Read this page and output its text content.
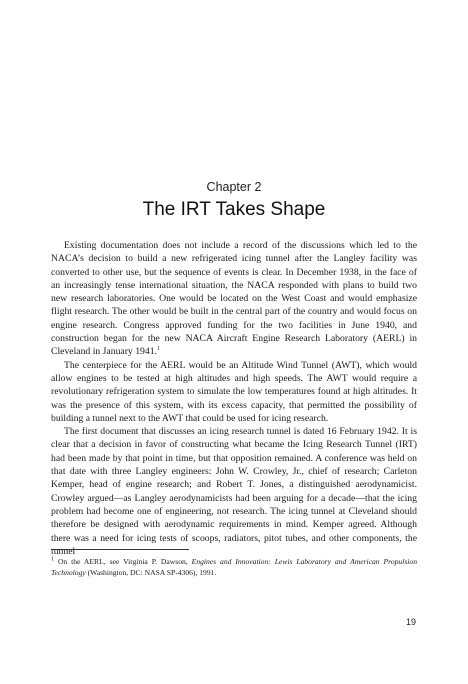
Chapter 2
The IRT Takes Shape

Existing documentation does not include a record of the discussions which led to the NACA’s decision to build a new refrigerated icing tunnel after the Langley facility was converted to other use, but the sequence of events is clear. In December 1938, in the face of an increasingly tense international situation, the NACA responded with plans to build two new research laboratories. One would be located on the West Coast and would emphasize flight research. The other would be built in the central part of the country and would focus on engine research. Congress approved funding for the two facilities in June 1940, and construction began for the new NACA Aircraft Engine Research Laboratory (AERL) in Cleveland in January 1941.$^1$

The centerpiece for the AERL would be an Altitude Wind Tunnel (AWT), which would allow engines to be tested at high altitudes and high speeds. The AWT would require a revolutionary refrigeration system to simulate the low temperatures found at high altitudes. It was the presence of this system, with its excess capacity, that permitted the possibility of building a tunnel next to the AWT that could be used for icing research.

The first document that discusses an icing research tunnel is dated 16 February 1942. It is clear that a decision in favor of constructing what became the Icing Research Tunnel (IRT) had been made by that point in time, but that opposition remained. A conference was held on that date with three Langley engineers: John W. Crowley, Jr., chief of research; Carleton Kemper, head of engine research; and Robert T. Jones, a distinguished aerodynamicist. Crowley argued—as Langley aerodynamicists had been arguing for a decade—that the icing problem had become one of engineering, not research. The icing tunnel at Cleveland should therefore be designed with aerodynamic requirements in mind. Kemper agreed. Although there was a need for icing tests of scoops, radiators, pitot tubes, and other components, the tunnel

$^1$ On the AERL, see Virginia P. Dawson, Engines and Innovation: Lewis Laboratory and American Propulsion Technology (Washington, DC: NASA SP-4306), 1991.
19
